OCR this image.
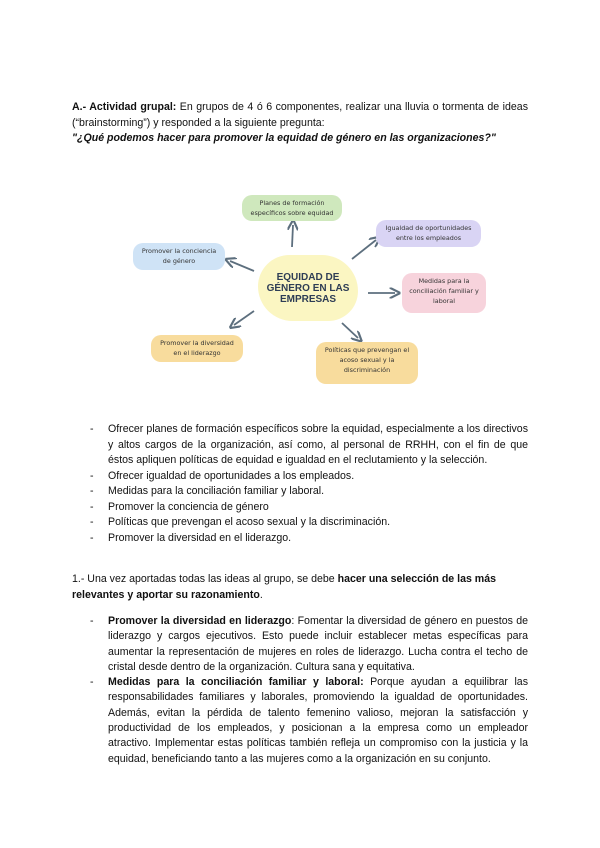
A.- Actividad grupal: En grupos de 4 ó 6 componentes, realizar una lluvia o tormenta de ideas (“brainstorming”) y responded a la siguiente pregunta:
"¿Qué podemos hacer para promover la equidad de género en las organizaciones?"
EQUIDAD DE GÉNERO EN LAS EMPRESAS
Planes de formación específicos sobre equidad
Igualdad de oportunidades entre los empleados
Promover la conciencia de género
Medidas para la conciliación familiar y laboral
Promover la diversidad en el liderazgo	Políticas que prevengan el acoso sexual y la discriminación
- Ofrecer planes de formación específicos sobre la equidad, especialmente a los directivos y altos cargos de la organización, así como, al personal de RRHH, con el fin de que éstos apliquen políticas de equidad e igualdad en el reclutamiento y la selección.
- Ofrecer igualdad de oportunidades a los empleados.
- Medidas para la conciliación familiar y laboral.
- Promover la conciencia de género
- Políticas que prevengan el acoso sexual y la discriminación.
- Promover la diversidad en el liderazgo.
1.- Una vez aportadas todas las ideas al grupo, se debe hacer una selección de las más relevantes y aportar su razonamiento.
- Promover la diversidad en liderazgo: Fomentar la diversidad de género en puestos de liderazgo y cargos ejecutivos. Esto puede incluir establecer metas específicas para aumentar la representación de mujeres en roles de liderazgo. Lucha contra el techo de cristal desde dentro de la organización. Cultura sana y equitativa.
- Medidas para la conciliación familiar y laboral: Porque ayudan a equilibrar las responsabilidades familiares y laborales, promoviendo la igualdad de oportunidades. Además, evitan la pérdida de talento femenino valioso, mejoran la satisfacción y productividad de los empleados, y posicionan a la empresa como un empleador atractivo. Implementar estas políticas también refleja un compromiso con la justicia y la equidad, beneficiando tanto a las mujeres como a la organización en su conjunto.
